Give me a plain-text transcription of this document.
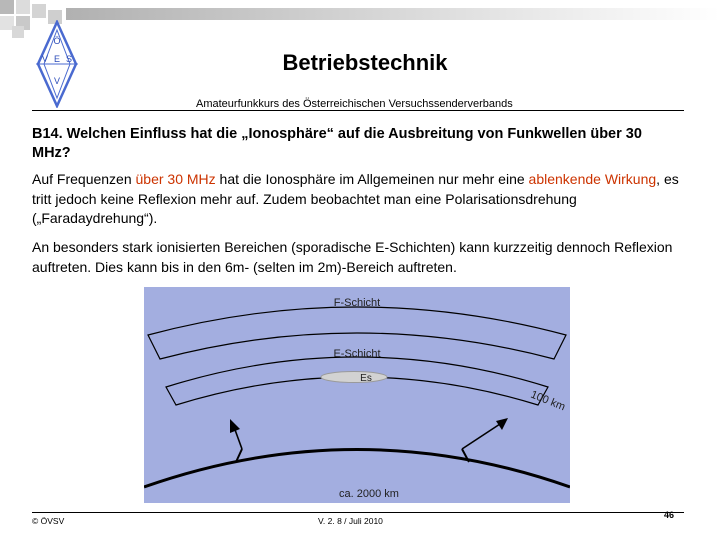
Ö
V E S
V
Betriebstechnik
Amateurfunkkurs des Österreichischen Versuchssenderverbands
B14. Welchen Einfluss hat die „Ionosphäre“ auf die Ausbreitung von Funkwellen über 30 MHz?
Auf Frequenzen über 30 MHz hat die Ionosphäre im Allgemeinen nur mehr eine ablenkende Wirkung, es tritt jedoch keine Reflexion mehr auf. Zudem beobachtet man eine Polarisationsdrehung („Faradaydrehung“).
An besonders stark ionisierten Bereichen (sporadische E-Schichten) kann kurzzeitig dennoch Reflexion auftreten. Dies kann bis in den 6m- (selten im 2m)-Bereich auftreten.
F-Schicht
E-Schicht
Es
100 km
ca. 2000 km
© ÖVSV	V. 2. 8 / Juli 2010
46
